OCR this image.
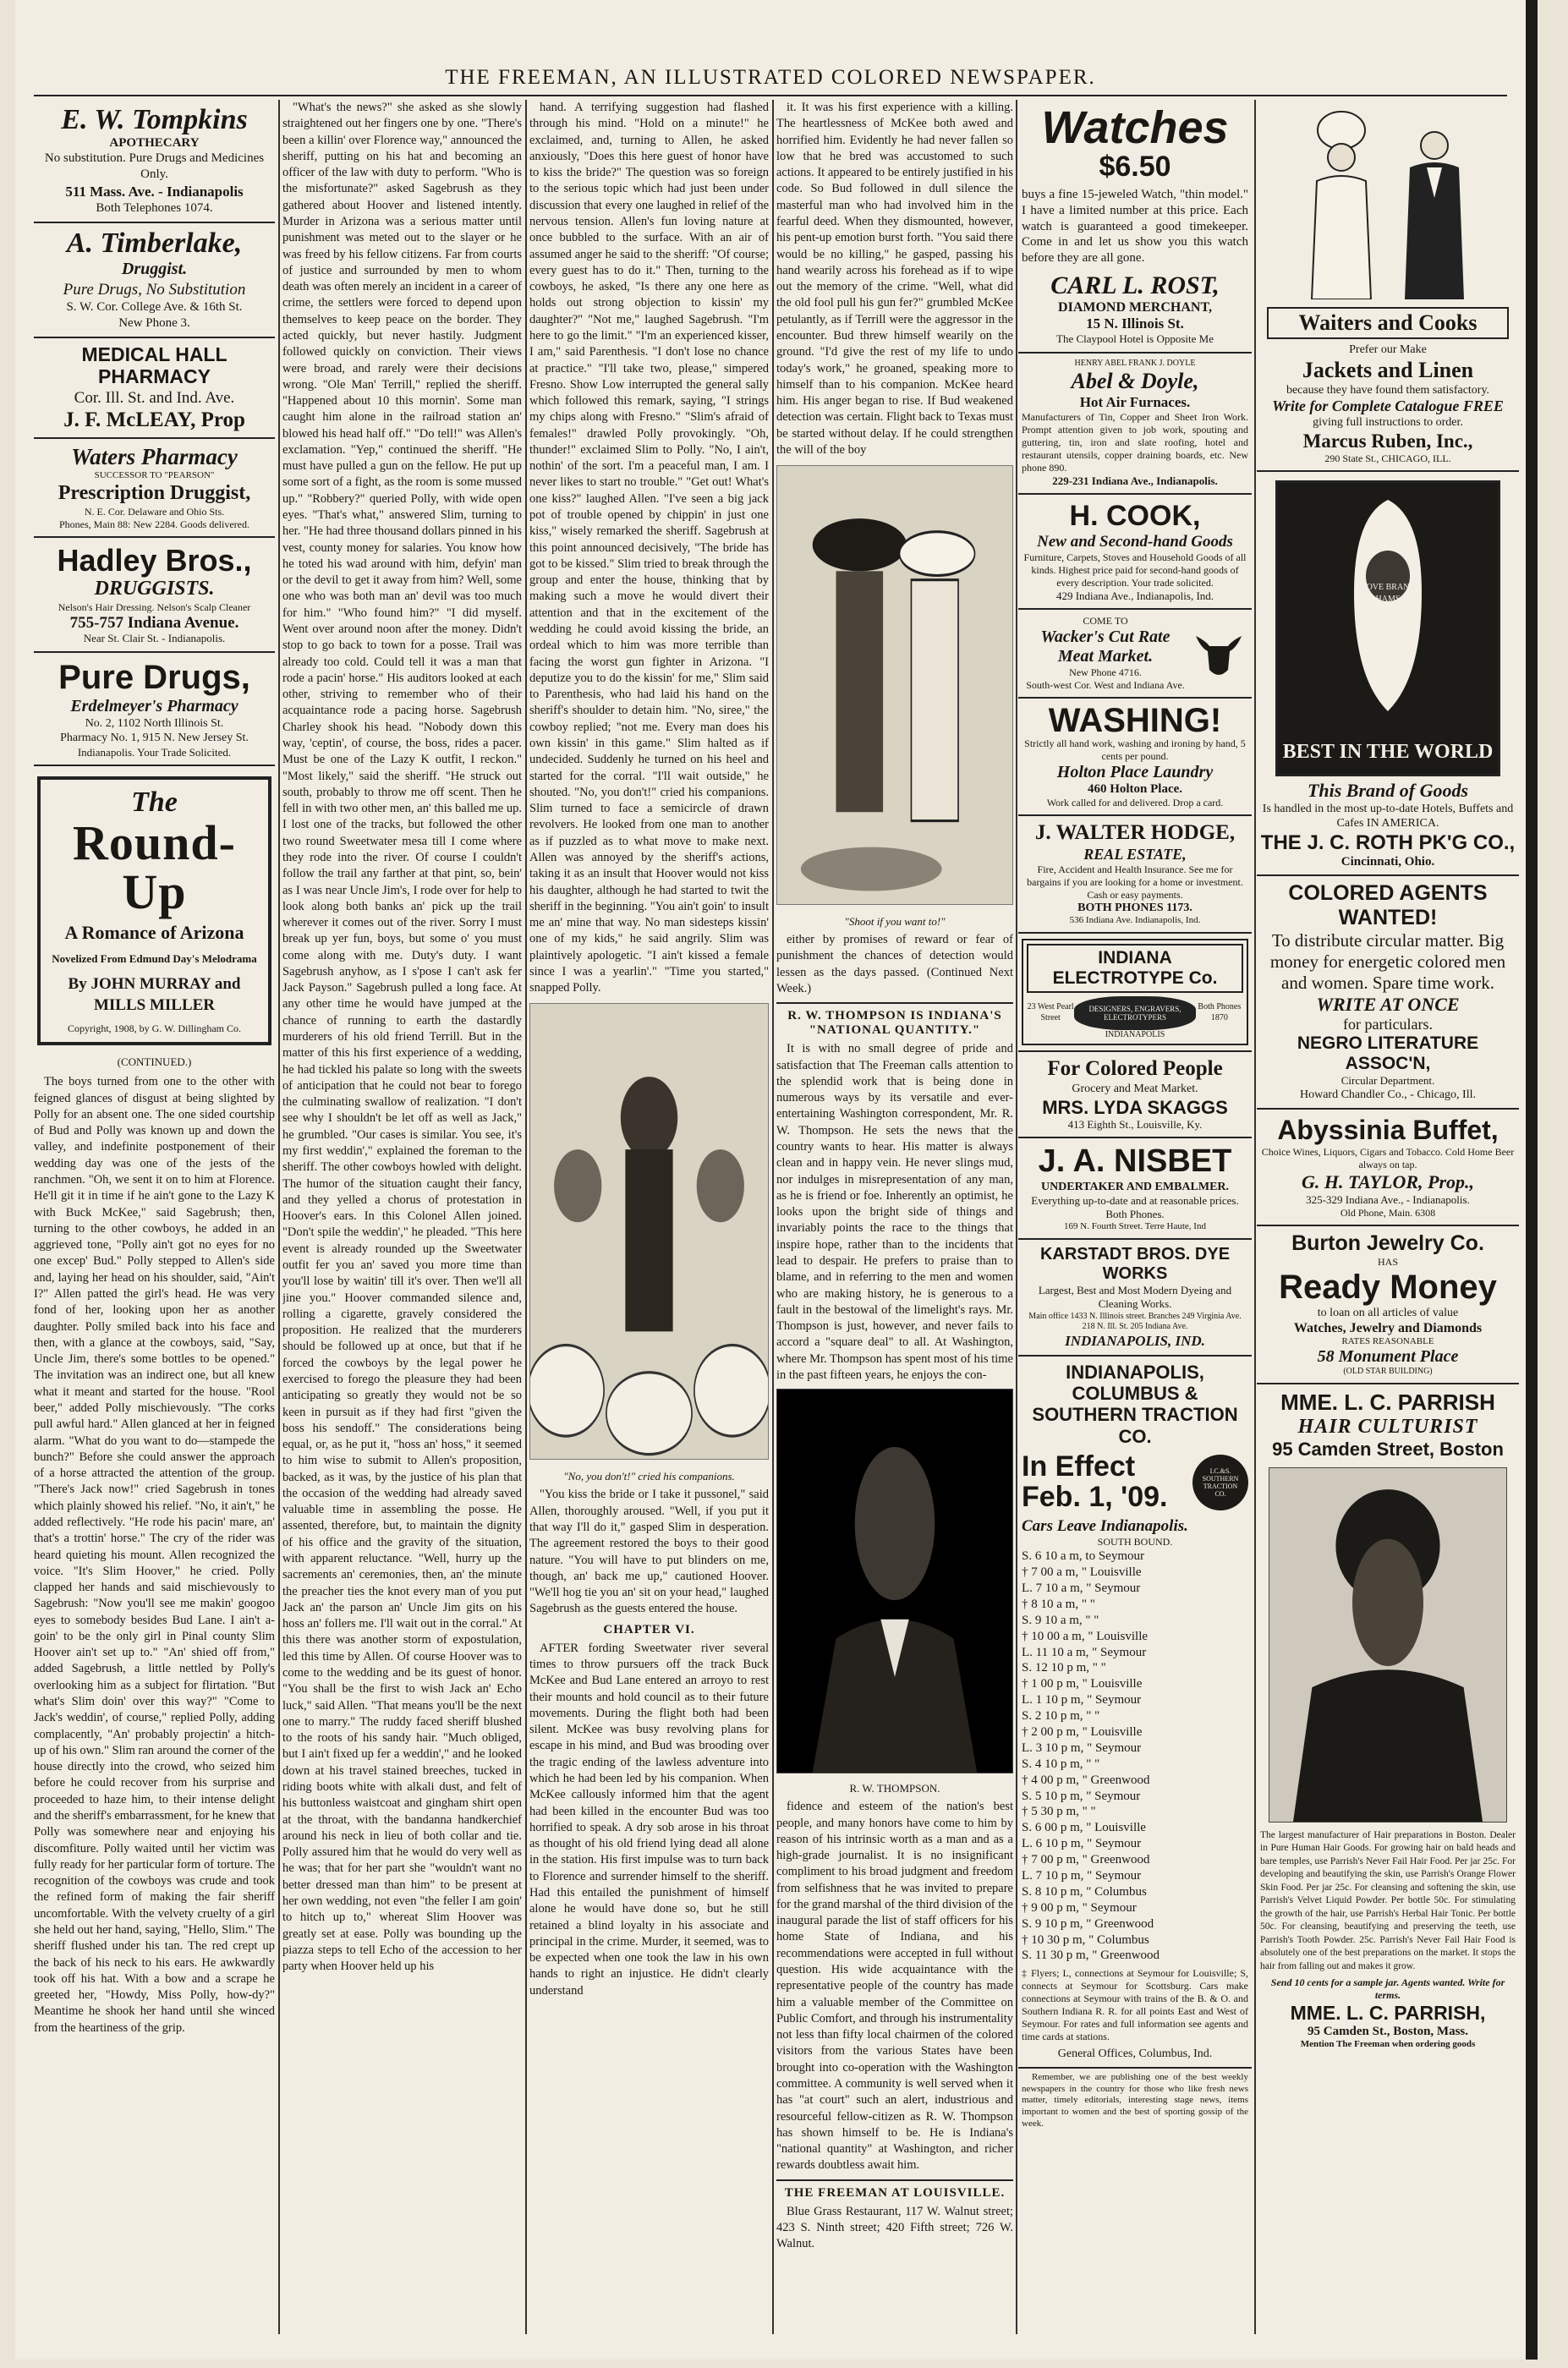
THE FREEMAN, AN ILLUSTRATED COLORED NEWSPAPER.
E. W. Tompkins
APOTHECARY
No substitution. Pure Drugs and Medicines Only.
511 Mass. Ave. - Indianapolis
Both Telephones 1074.
A. Timberlake,
Druggist.
Pure Drugs, No Substitution
S. W. Cor. College Ave. & 16th St.
New Phone 3.
MEDICAL HALL PHARMACY
Cor. Ill. St. and Ind. Ave.
J. F. McLEAY, Prop
Waters Pharmacy
SUCCESSOR TO "PEARSON"
Prescription Druggist,
N. E. Cor. Delaware and Ohio Sts.
Phones, Main 88: New 2284. Goods delivered.
Hadley Bros.,
DRUGGISTS.
Nelson's Hair Dressing. Nelson's Scalp Cleaner
755-757 Indiana Avenue.
Near St. Clair St. - Indianapolis.
Pure Drugs,
Erdelmeyer's Pharmacy
No. 2, 1102 North Illinois St.
Pharmacy No. 1, 915 N. New Jersey St.
Indianapolis. Your Trade Solicited.
The
Round-Up
A Romance of Arizona
Novelized From Edmund Day's Melodrama
By JOHN MURRAY and MILLS MILLER
Copyright, 1908, by G. W. Dillingham Co.
(CONTINUED.)
The boys turned from one to the other with feigned glances of disgust at being slighted by Polly for an absent one. The one sided courtship of Bud and Polly was known up and down the valley, and indefinite postponement of their wedding day was one of the jests of the ranchmen. "Oh, we sent it on to him at Florence. He'll git it in time if he ain't gone to the Lazy K with Buck McKee," said Sagebrush; then, turning to the other cowboys, he added in an aggrieved tone, "Polly ain't got no eyes for no one excep' Bud." Polly stepped to Allen's side and, laying her head on his shoulder, said, "Ain't I?" Allen patted the girl's head. He was very fond of her, looking upon her as another daughter. Polly smiled back into his face and then, with a glance at the cowboys, said, "Say, Uncle Jim, there's some bottles to be opened." The invitation was an indirect one, but all knew what it meant and started for the house. "Rool beer," added Polly mischievously. "The corks pull awful hard." Allen glanced at her in feigned alarm. "What do you want to do—stampede the bunch?" Before she could answer the approach of a horse attracted the attention of the group. "There's Jack now!" cried Sagebrush in tones which plainly showed his relief. "No, it ain't," he added reflectively. "He rode his pacin' mare, an' that's a trottin' horse." The cry of the rider was heard quieting his mount. Allen recognized the voice. "It's Slim Hoover," he cried. Polly clapped her hands and said mischievously to Sagebrush: "Now you'll see me makin' googoo eyes to somebody besides Bud Lane. I ain't a-goin' to be the only girl in Pinal county Slim Hoover ain't set up to." "An' shied off from," added Sagebrush, a little nettled by Polly's overlooking him as a subject for flirtation. "But what's Slim doin' over this way?" "Come to Jack's weddin', of course," replied Polly, adding complacently, "An' probably projectin' a hitch-up of his own." Slim ran around the corner of the house directly into the crowd, who seized him before he could recover from his surprise and proceeded to haze him, to their intense delight and the sheriff's embarrassment, for he knew that Polly was somewhere near and enjoying his discomfiture. Polly waited until her victim was fully ready for her particular form of torture. The recognition of the cowboys was crude and took the refined form of making the fair sheriff uncomfortable. With the velvety cruelty of a girl she held out her hand, saying, "Hello, Slim." The sheriff flushed under his tan. The red crept up the back of his neck to his ears. He awkwardly took off his hat. With a bow and a scrape he greeted her, "Howdy, Miss Polly, how-dy?" Meantime he shook her hand until she winced from the heartiness of the grip.
"What's the news?" she asked as she slowly straightened out her fingers one by one. "There's been a killin' over Florence way," announced the sheriff, putting on his hat and becoming an officer of the law with duty to perform. "Who is the misfortunate?" asked Sagebrush as they gathered about Hoover and listened intently. Murder in Arizona was a serious matter until punishment was meted out to the slayer or he was freed by his fellow citizens. Far from courts of justice and surrounded by men to whom death was often merely an incident in a career of crime, the settlers were forced to depend upon themselves to keep peace on the border. They acted quickly, but never hastily. Judgment followed quickly on conviction. Their views were broad, and rarely were their decisions wrong. "Ole Man' Terrill," replied the sheriff. "Happened about 10 this mornin'. Some man caught him alone in the railroad station an' blowed his head half off." "Do tell!" was Allen's exclamation. "Yep," continued the sheriff. "He must have pulled a gun on the fellow. He put up some sort of a fight, as the room is some mussed up." "Robbery?" queried Polly, with wide open eyes. "That's what," answered Slim, turning to her. "He had three thousand dollars pinned in his vest, county money for salaries. You know how he toted his wad around with him, defyin' man or the devil to get it away from him? Well, some one who was both man an' devil was too much for him." "Who found him?" "I did myself. Went over around noon after the money. Didn't stop to go back to town for a posse. Trail was already too cold. Could tell it was a man that rode a pacin' horse." His auditors looked at each other, striving to remember who of their acquaintance rode a pacing horse. Sagebrush Charley shook his head. "Nobody down this way, 'ceptin', of course, the boss, rides a pacer. Must be one of the Lazy K outfit, I reckon." "Most likely," said the sheriff. "He struck out south, probably to throw me off scent. Then he fell in with two other men, an' this balled me up. I lost one of the tracks, but followed the other two round Sweetwater mesa till I come where they rode into the river. Of course I couldn't follow the trail any farther at that pint, so, bein' as I was near Uncle Jim's, I rode over for help to look along both banks an' pick up the trail wherever it comes out of the river. Sorry I must break up yer fun, boys, but some o' you must come along with me. Duty's duty. I want Sagebrush anyhow, as I s'pose I can't ask fer Jack Payson." Sagebrush pulled a long face. At any other time he would have jumped at the chance of running to earth the dastardly murderers of his old friend Terrill. But in the matter of this his first experience of a wedding, he had tickled his palate so long with the sweets of anticipation that he could not bear to forego the culminating swallow of realization. "I don't see why I shouldn't be let off as well as Jack," he grumbled. "Our cases is similar. You see, it's my first weddin'," explained the foreman to the sheriff. The other cowboys howled with delight. The humor of the situation caught their fancy, and they yelled a chorus of protestation in Hoover's ears. In this Colonel Allen joined. "Don't spile the weddin'," he pleaded. "This here event is already rounded up the Sweetwater outfit fer you an' saved you more time than you'll lose by waitin' till it's over. Then we'll all jine you." Hoover commanded silence and, rolling a cigarette, gravely considered the proposition. He realized that the murderers should be followed up at once, but that if he forced the cowboys by the legal power he exercised to forego the pleasure they had been anticipating so greatly they would not be so keen in pursuit as if they had first "given the boss his sendoff." The considerations being equal, or, as he put it, "hoss an' hoss," it seemed to him wise to submit to Allen's proposition, backed, as it was, by the justice of his plan that the occasion of the wedding had already saved valuable time in assembling the posse. He assented, therefore, but, to maintain the dignity of his office and the gravity of the situation, with apparent reluctance. "Well, hurry up the sacrements an' ceremonies, then, an' the minute the preacher ties the knot every man of you put Jack an' the parson an' Uncle Jim gits on his hoss an' follers me. I'll wait out in the corral." At this there was another storm of expostulation, led this time by Allen. Of course Hoover was to come to the wedding and be its guest of honor. "You shall be the first to wish Jack an' Echo luck," said Allen. "That means you'll be the next one to marry." The ruddy faced sheriff blushed to the roots of his sandy hair. "Much obliged, but I ain't fixed up fer a weddin'," and he looked down at his travel stained breeches, tucked in riding boots white with alkali dust, and felt of his buttonless waistcoat and gingham shirt open at the throat, with the bandanna handkerchief around his neck in lieu of both collar and tie. Polly assured him that he would do very well as he was; that for her part she "wouldn't want no better dressed man than him" to be present at her own wedding, not even "the feller I am goin' to hitch up to," whereat Slim Hoover was greatly set at ease. Polly was bounding up the piazza steps to tell Echo of the accession to her party when Hoover held up his
hand. A terrifying suggestion had flashed through his mind. "Hold on a minute!" he exclaimed, and, turning to Allen, he asked anxiously, "Does this here guest of honor have to kiss the bride?" The question was so foreign to the serious topic which had just been under discussion that every one laughed in relief of the nervous tension. Allen's fun loving nature at once bubbled to the surface. With an air of assumed anger he said to the sheriff: "Of course; every guest has to do it." Then, turning to the cowboys, he asked, "Is there any one here as holds out strong objection to kissin' my daughter?" "Not me," laughed Sagebrush. "I'm here to go the limit." "I'm an experienced kisser, I am," said Parenthesis. "I don't lose no chance at practice." "I'll take two, please," simpered Fresno. Show Low interrupted the general sally which followed this remark, saying, "I strings my chips along with Fresno." "Slim's afraid of females!" drawled Polly provokingly. "Oh, thunder!" exclaimed Slim to Polly. "No, I ain't, nothin' of the sort. I'm a peaceful man, I am. I never likes to start no trouble." "Get out! What's one kiss?" laughed Allen. "I've seen a big jack pot of trouble opened by chippin' in just one kiss," wisely remarked the sheriff. Sagebrush at this point announced decisively, "The bride has got to be kissed." Slim tried to break through the group and enter the house, thinking that by making such a move he would divert their attention and that in the excitement of the wedding he could avoid kissing the bride, an ordeal which to him was more terrible than facing the worst gun fighter in Arizona. "I deputize you to do the kissin' for me," Slim said to Parenthesis, who had laid his hand on the sheriff's shoulder to detain him. "No, siree," the cowboy replied; "not me. Every man does his own kissin' in this game." Slim halted as if undecided. Suddenly he turned on his heel and started for the corral. "I'll wait outside," he shouted. "No, you don't!" cried his companions. Slim turned to face a semicircle of drawn revolvers. He looked from one man to another as if puzzled as to what move to make next. Allen was annoyed by the sheriff's actions, taking it as an insult that Hoover would not kiss his daughter, although he had started to twit the sheriff in the beginning. "You ain't goin' to insult me an' mine that way. No man sidesteps kissin' one of my kids," he said angrily. Slim was plaintively apologetic. "I ain't kissed a female since I was a yearlin'." "Time you started," snapped Polly.
"No, you don't!" cried his companions.
"You kiss the bride or I take it pussonel," said Allen, thoroughly aroused. "Well, if you put it that way I'll do it," gasped Slim in desperation. The agreement restored the boys to their good nature. "You will have to put blinders on me, though, an' back me up," cautioned Hoover. "We'll hog tie you an' sit on your head," laughed Sagebrush as the guests entered the house.
CHAPTER VI.
AFTER fording Sweetwater river several times to throw pursuers off the track Buck McKee and Bud Lane entered an arroyo to rest their mounts and hold council as to their future movements. During the flight both had been silent. McKee was busy revolving plans for escape in his mind, and Bud was brooding over the tragic ending of the lawless adventure into which he had been led by his companion. When McKee callously informed him that the agent had been killed in the encounter Bud was too horrified to speak. A dry sob arose in his throat as thought of his old friend lying dead all alone in the station. His first impulse was to turn back to Florence and surrender himself to the sheriff. Had this entailed the punishment of himself alone he would have done so, but he still retained a blind loyalty in his associate and principal in the crime. Murder, it seemed, was to be expected when one took the law in his own hands to right an injustice. He didn't clearly understand
it. It was his first experience with a killing. The heartlessness of McKee both awed and horrified him. Evidently he had never fallen so low that he bred was accustomed to such actions. It appeared to be entirely justified in his code. So Bud followed in dull silence the masterful man who had involved him in the fearful deed. When they dismounted, however, his pent-up emotion burst forth. "You said there would be no killing," he gasped, passing his hand wearily across his forehead as if to wipe out the memory of the crime. "Well, what did the old fool pull his gun fer?" grumbled McKee petulantly, as if Terrill were the aggressor in the encounter. Bud threw himself wearily on the ground. "I'd give the rest of my life to undo today's work," he groaned, speaking more to himself than to his companion. McKee heard him. His anger began to rise. If Bud weakened detection was certain. Flight back to Texas must be started without delay. If he could strengthen the will of the boy
"Shoot if you want to!"
either by promises of reward or fear of punishment the chances of detection would lessen as the days passed. (Continued Next Week.)
R. W. THOMPSON IS INDIANA'S "NATIONAL QUANTITY."
It is with no small degree of pride and satisfaction that The Freeman calls attention to the splendid work that is being done in numerous ways by its versatile and ever-entertaining Washington correspondent, Mr. R. W. Thompson. He sets the news that the country wants to hear. His matter is always clean and in happy vein. He never slings mud, nor indulges in misrepresentation of any man, as he is friend or foe. Inherently an optimist, he looks upon the bright side of things and invariably points the race to the things that inspire hope, rather than to the incidents that lead to despair. He prefers to praise than to blame, and in referring to the men and women who are making history, he is generous to a fault in the bestowal of the limelight's rays. Mr. Thompson is just, however, and never fails to accord a "square deal" to all. At Washington, where Mr. Thompson has spent most of his time in the past fifteen years, he enjoys the con-
R. W. THOMPSON.
fidence and esteem of the nation's best people, and many honors have come to him by reason of his intrinsic worth as a man and as a high-grade journalist. It is no insignificant compliment to his broad judgment and freedom from selfishness that he was invited to prepare for the grand marshal of the third division of the inaugural parade the list of staff officers for his home State of Indiana, and his recommendations were accepted in full without question. His wide acquaintance with the representative people of the country has made him a valuable member of the Committee on Public Comfort, and through his instrumentality not less than fifty local chairmen of the colored visitors from the various States have been brought into co-operation with the Washington committee. A community is well served when it has "at court" such an alert, industrious and resourceful fellow-citizen as R. W. Thompson has shown himself to be. He is Indiana's "national quantity" at Washington, and richer rewards doubtless await him.
THE FREEMAN AT LOUISVILLE.
Blue Grass Restaurant, 117 W. Walnut street; 423 S. Ninth street; 420 Fifth street; 726 W. Walnut.
Watches
$6.50
buys a fine 15-jeweled Watch, "thin model." I have a limited number at this price. Each watch is guaranteed a good timekeeper. Come in and let us show you this watch before they are all gone.
CARL L. ROST,
DIAMOND MERCHANT,
15 N. Illinois St.
The Claypool Hotel is Opposite Me
HENRY ABEL FRANK J. DOYLE
Abel & Doyle,
Hot Air Furnaces.
Manufacturers of Tin, Copper and Sheet Iron Work. Prompt attention given to job work, spouting and guttering, tin, iron and slate roofing, hotel and restaurant utensils, copper draining boards, etc. New phone 890.
229-231 Indiana Ave., Indianapolis.
H. COOK,
New and Second-hand Goods
Furniture, Carpets, Stoves and Household Goods of all kinds. Highest price paid for second-hand goods of every description. Your trade solicited.
429 Indiana Ave., Indianapolis, Ind.
COME TO
Wacker's Cut Rate
Meat Market.
New Phone 4716.
South-west Cor. West and Indiana Ave.
WASHING!
Strictly all hand work, washing and ironing by hand, 5 cents per pound.
Holton Place Laundry
460 Holton Place.
Work called for and delivered. Drop a card.
J. WALTER HODGE,
REAL ESTATE,
Fire, Accident and Health Insurance. See me for bargains if you are looking for a home or investment. Cash or easy payments.
BOTH PHONES 1173.
536 Indiana Ave. Indianapolis, Ind.
INDIANA ELECTROTYPE Co.
23 West Pearl Street
DESIGNERS, ENGRAVERS, ELECTROTYPERS
Both Phones 1870
INDIANAPOLIS
For Colored People
Grocery and Meat Market.
MRS. LYDA SKAGGS
413 Eighth St., Louisville, Ky.
J. A. NISBET
UNDERTAKER AND EMBALMER.
Everything up-to-date and at reasonable prices. Both Phones.
169 N. Fourth Street. Terre Haute, Ind
KARSTADT BROS. DYE WORKS
Largest, Best and Most Modern Dyeing and Cleaning Works.
Main office 1433 N. Illinois street. Branches 249 Virginia Ave. 218 N. Ill. St. 205 Indiana Ave.
INDIANAPOLIS, IND.
INDIANAPOLIS, COLUMBUS & SOUTHERN TRACTION CO.
In Effect
Feb. 1, '09.
I.C.&S. SOUTHERN TRACTION CO.
Cars Leave Indianapolis.
SOUTH BOUND.
S. 6 10 a m, to Seymour
† 7 00 a m, " Louisville
L. 7 10 a m, " Seymour
† 8 10 a m, " "
S. 9 10 a m, " "
† 10 00 a m, " Louisville
L. 11 10 a m, " Seymour
S. 12 10 p m, " "
† 1 00 p m, " Louisville
L. 1 10 p m, " Seymour
S. 2 10 p m, " "
† 2 00 p m, " Louisville
L. 3 10 p m, " Seymour
S. 4 10 p m, " "
† 4 00 p m, " Greenwood
S. 5 10 p m, " Seymour
† 5 30 p m, " "
S. 6 00 p m, " Louisville
L. 6 10 p m, " Seymour
† 7 00 p m, " Greenwood
L. 7 10 p m, " Seymour
S. 8 10 p m, " Columbus
† 9 00 p m, " Seymour
S. 9 10 p m, " Greenwood
† 10 30 p m, " Columbus
S. 11 30 p m, " Greenwood
‡ Flyers; L, connections at Seymour for Louisville; S, connects at Seymour for Scottsburg. Cars make connections at Seymour with trains of the B. & O. and Southern Indiana R. R. for all points East and West of Seymour. For rates and full information see agents and time cards at stations.
General Offices, Columbus, Ind.
Remember, we are publishing one of the best weekly newspapers in the country for those who like fresh news matter, timely editorials, interesting stage news, items important to women and the best of sporting gossip of the week.
Waiters and Cooks
Prefer our Make
Jackets and Linen
because they have found them satisfactory.
Write for Complete Catalogue FREE
giving full instructions to order.
Marcus Ruben, Inc.,
290 State St., CHICAGO, ILL.
DOVE BRAND
HAMS
BEST IN THE WORLD
This Brand of Goods
Is handled in the most up-to-date Hotels, Buffets and Cafes IN AMERICA.
THE J. C. ROTH PK'G CO.,
Cincinnati, Ohio.
COLORED AGENTS WANTED!
To distribute circular matter. Big money for energetic colored men and women. Spare time work.
WRITE AT ONCE
for particulars.
NEGRO LITERATURE ASSOC'N,
Circular Department.
Howard Chandler Co., - Chicago, Ill.
Abyssinia Buffet,
Choice Wines, Liquors, Cigars and Tobacco. Cold Home Beer always on tap.
G. H. TAYLOR, Prop.,
325-329 Indiana Ave., - Indianapolis.
Old Phone, Main. 6308
Burton Jewelry Co.
HAS
Ready Money
to loan on all articles of value
Watches, Jewelry and Diamonds
RATES REASONABLE
58 Monument Place
(OLD STAR BUILDING)
MME. L. C. PARRISH
HAIR CULTURIST
95 Camden Street, Boston
The largest manufacturer of Hair preparations in Boston. Dealer in Pure Human Hair Goods. For growing hair on bald heads and bare temples, use Parrish's Never Fail Hair Food. Per jar 25c. For developing and beautifying the skin, use Parrish's Orange Flower Skin Food. Per jar 25c. For cleansing and softening the skin, use Parrish's Velvet Liquid Powder. Per bottle 50c. For stimulating the growth of the hair, use Parrish's Herbal Hair Tonic. Per bottle 50c. For cleansing, beautifying and preserving the teeth, use Parrish's Tooth Powder. 25c. Parrish's Never Fail Hair Food is absolutely one of the best preparations on the market. It stops the hair from falling out and makes it grow.
Send 10 cents for a sample jar. Agents wanted. Write for terms.
MME. L. C. PARRISH,
95 Camden St., Boston, Mass.
Mention The Freeman when ordering goods
